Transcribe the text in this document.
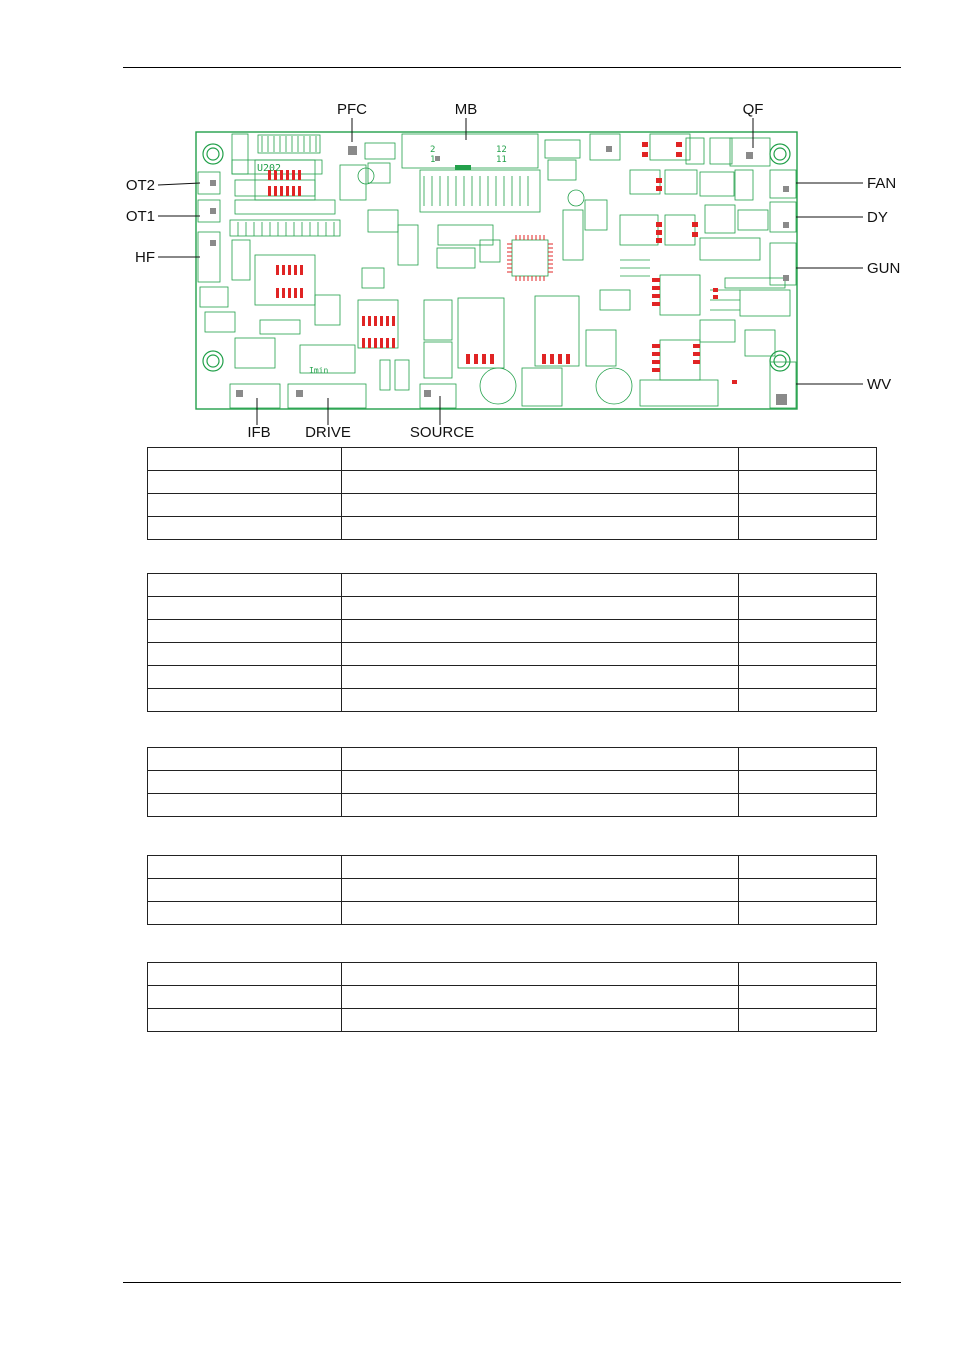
U202
2	12
1	11
Imin
PFC	MB	QF
OT2
OT1
HF
FAN
DY
GUN
WV
IFB DRIVE	SOURCE
